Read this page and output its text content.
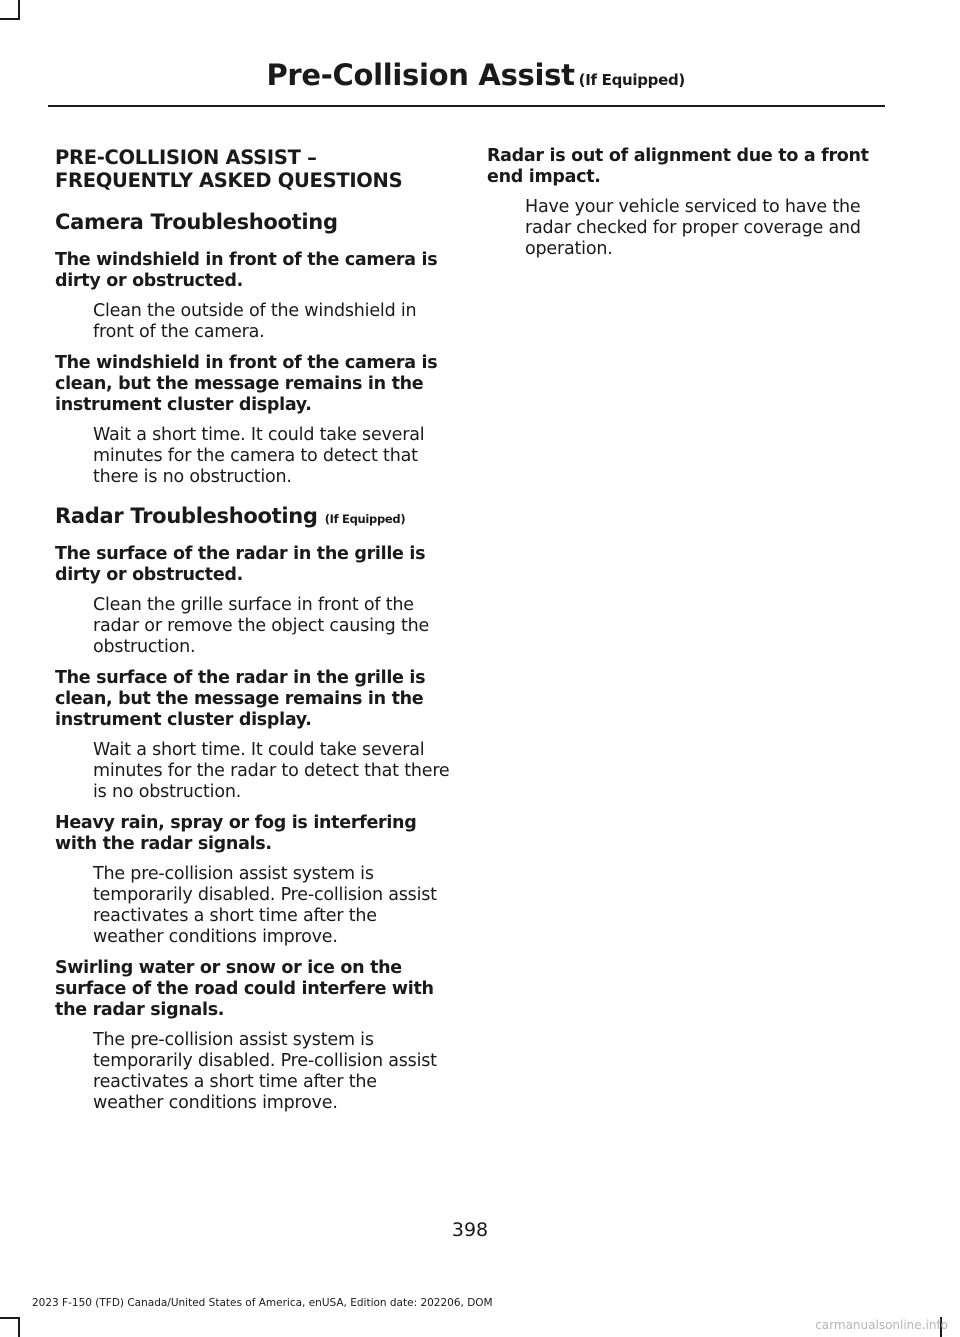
Pre-Collision Assist (If Equipped)
PRE-COLLISION ASSIST –
FREQUENTLY ASKED QUESTIONS
Camera Troubleshooting
The windshield in front of the camera is dirty or obstructed.
Clean the outside of the windshield in front of the camera.
The windshield in front of the camera is clean, but the message remains in the instrument cluster display.
Wait a short time. It could take several minutes for the camera to detect that there is no obstruction.
Radar Troubleshooting (If Equipped)
The surface of the radar in the grille is dirty or obstructed.
Clean the grille surface in front of the radar or remove the object causing the obstruction.
The surface of the radar in the grille is clean, but the message remains in the instrument cluster display.
Wait a short time. It could take several minutes for the radar to detect that there is no obstruction.
Heavy rain, spray or fog is interfering with the radar signals.
The pre-collision assist system is temporarily disabled. Pre-collision assist reactivates a short time after the weather conditions improve.
Swirling water or snow or ice on the surface of the road could interfere with the radar signals.
The pre-collision assist system is temporarily disabled. Pre-collision assist reactivates a short time after the weather conditions improve.
Radar is out of alignment due to a front end impact.
Have your vehicle serviced to have the radar checked for proper coverage and operation.
398
2023 F-150 (TFD) Canada/United States of America, enUSA, Edition date: 202206, DOM
carmanualsonline.info
